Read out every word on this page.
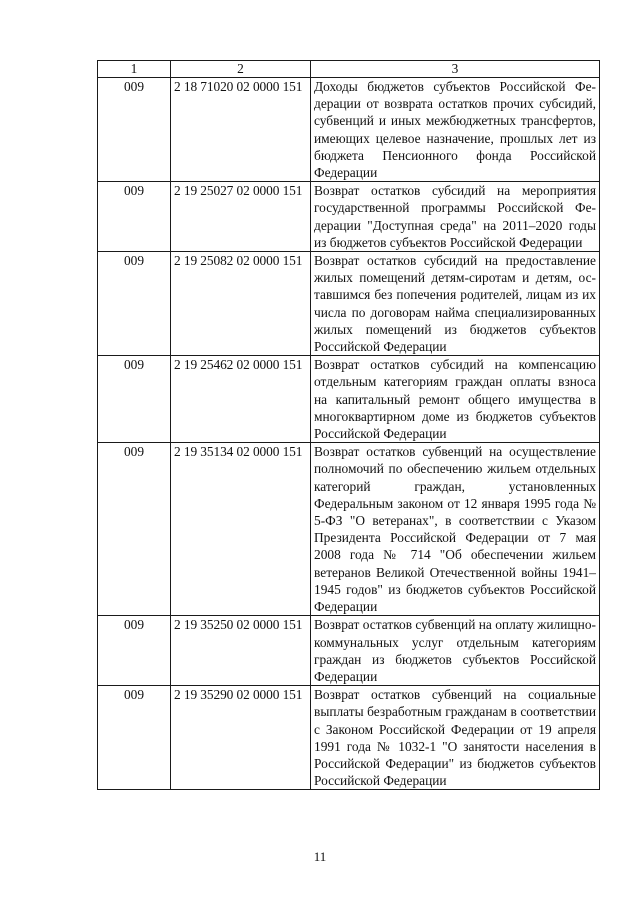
1	2	3
009	2 18 71020 02 0000 151	Доходы бюджетов субъектов Российской Федерации от возврата остатков прочих субсидий, субвенций и иных межбюджетных трансфертов, имеющих целевое назначение, прошлых лет из бюджета Пенсионного фонда Российской Федерации
009	2 19 25027 02 0000 151	Возврат остатков субсидий на мероприятия государственной программы Российской Федерации "Доступная среда" на 2011–2020 годы из бюджетов субъектов Российской Федерации
009	2 19 25082 02 0000 151	Возврат остатков субсидий на предоставление жилых помещений детям-сиротам и детям, оставшимся без попечения родителей, лицам из их числа по договорам найма специализированных жилых помещений из бюджетов субъектов Российской Федерации
009	2 19 25462 02 0000 151	Возврат остатков субсидий на компенсацию отдельным категориям граждан оплаты взноса на капитальный ремонт общего имущества в многоквартирном доме из бюджетов субъектов Российской Федерации
009	2 19 35134 02 0000 151	Возврат остатков субвенций на осуществление полномочий по обеспечению жильем отдельных категорий граждан, установленных Федеральным законом от 12 января 1995 года № 5-ФЗ "О ветеранах", в соответствии с Указом Президента Российской Федерации от 7 мая 2008 года № 714 "Об обеспечении жильем ветеранов Великой Отечественной войны 1941–1945 годов" из бюджетов субъектов Российской Федерации
009	2 19 35250 02 0000 151	Возврат остатков субвенций на оплату жилищно-коммунальных услуг отдельным категориям граждан из бюджетов субъектов Российской Федерации
009	2 19 35290 02 0000 151	Возврат остатков субвенций на социальные выплаты безработным гражданам в соответствии с Законом Российской Федерации от 19 апреля 1991 года № 1032-1 "О занятости населения в Российской Федерации" из бюджетов субъектов Российской Федерации
11
